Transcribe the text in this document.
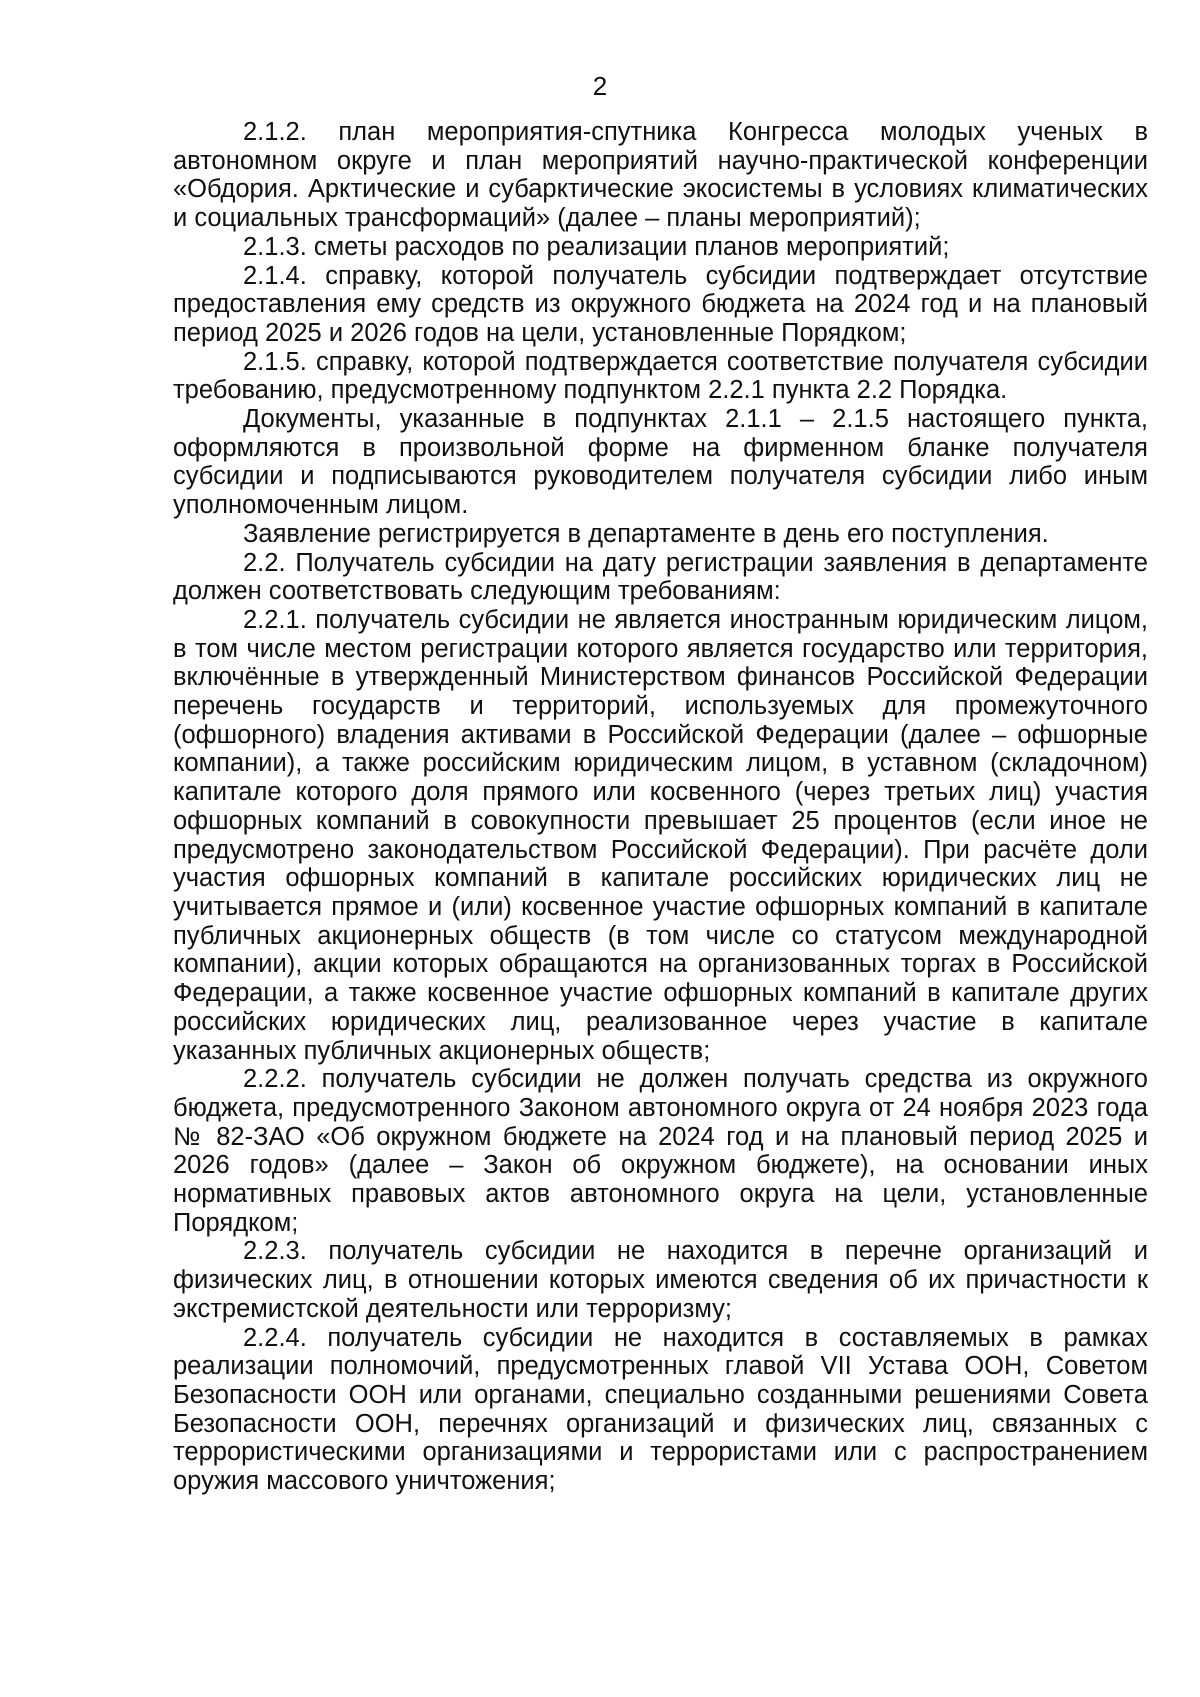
2

2.1.2. план мероприятия-спутника Конгресса молодых ученых в автономном округе и план мероприятий научно-практической конференции «Обдория. Арктические и субарктические экосистемы в условиях климатических и социальных трансформаций» (далее – планы мероприятий);

2.1.3. сметы расходов по реализации планов мероприятий;

2.1.4. справку, которой получатель субсидии подтверждает отсутствие предоставления ему средств из окружного бюджета на 2024 год и на плановый период 2025 и 2026 годов на цели, установленные Порядком;

2.1.5. справку, которой подтверждается соответствие получателя субсидии требованию, предусмотренному подпунктом 2.2.1 пункта 2.2 Порядка.

Документы, указанные в подпунктах 2.1.1 – 2.1.5 настоящего пункта, оформляются в произвольной форме на фирменном бланке получателя субсидии и подписываются руководителем получателя субсидии либо иным уполномоченным лицом.

Заявление регистрируется в департаменте в день его поступления.

2.2. Получатель субсидии на дату регистрации заявления в департаменте должен соответствовать следующим требованиям:

2.2.1. получатель субсидии не является иностранным юридическим лицом, в том числе местом регистрации которого является государство или территория, включённые в утвержденный Министерством финансов Российской Федерации перечень государств и территорий, используемых для промежуточного (офшорного) владения активами в Российской Федерации (далее – офшорные компании), а также российским юридическим лицом, в уставном (складочном) капитале которого доля прямого или косвенного (через третьих лиц) участия офшорных компаний в совокупности превышает 25 процентов (если иное не предусмотрено законодательством Российской Федерации). При расчёте доли участия офшорных компаний в капитале российских юридических лиц не учитывается прямое и (или) косвенное участие офшорных компаний в капитале публичных акционерных обществ (в том числе со статусом международной компании), акции которых обращаются на организованных торгах в Российской Федерации, а также косвенное участие офшорных компаний в капитале других российских юридических лиц, реализованное через участие в капитале указанных публичных акционерных обществ;

2.2.2. получатель субсидии не должен получать средства из окружного бюджета, предусмотренного Законом автономного округа от 24 ноября 2023 года № 82-ЗАО «Об окружном бюджете на 2024 год и на плановый период 2025 и 2026 годов» (далее – Закон об окружном бюджете), на основании иных нормативных правовых актов автономного округа на цели, установленные Порядком;

2.2.3. получатель субсидии не находится в перечне организаций и физических лиц, в отношении которых имеются сведения об их причастности к экстремистской деятельности или терроризму;

2.2.4. получатель субсидии не находится в составляемых в рамках реализации полномочий, предусмотренных главой VII Устава ООН, Советом Безопасности ООН или органами, специально созданными решениями Совета Безопасности ООН, перечнях организаций и физических лиц, связанных с террористическими организациями и террористами или с распространением оружия массового уничтожения;
